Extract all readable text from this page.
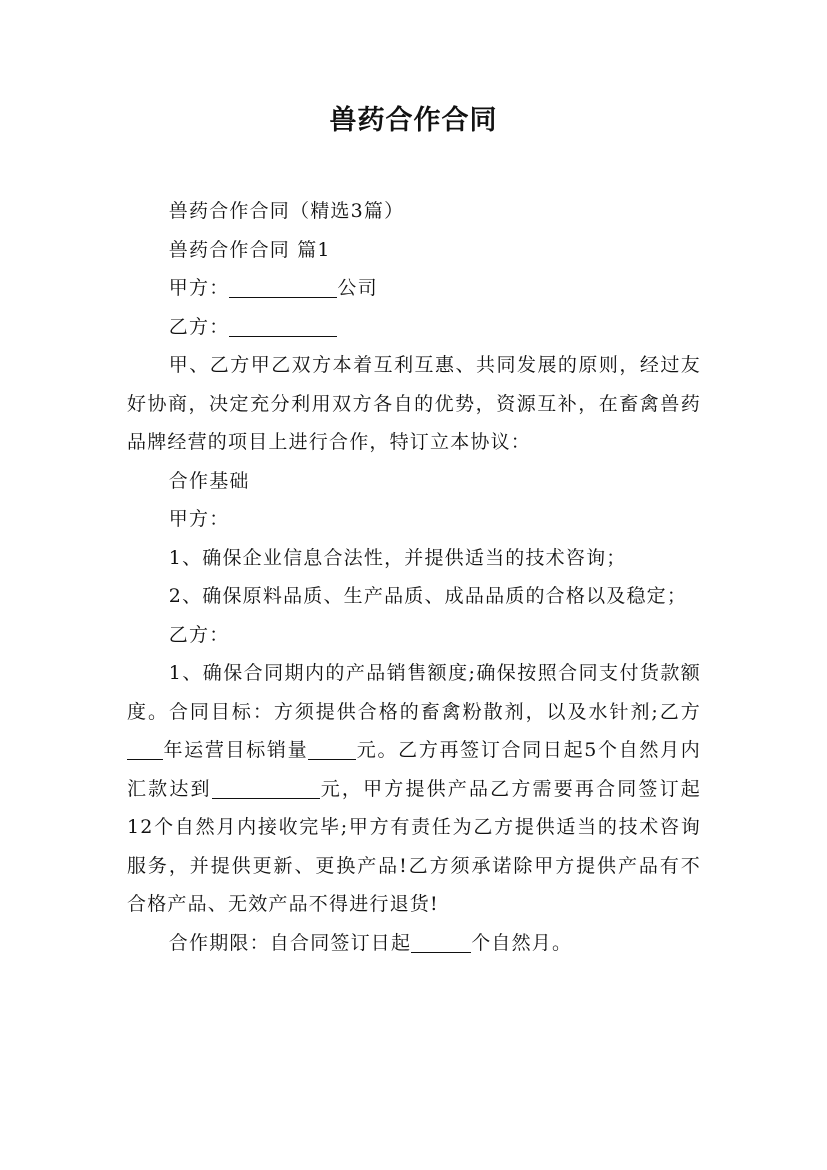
兽药合作合同

兽药合作合同（精选3篇）

兽药合作合同 篇1

甲方：	公司

乙方：

甲、乙方甲乙双方本着互利互惠、共同发展的原则，经过友好协商，决定充分利用双方各自的优势，资源互补，在畜禽兽药品牌经营的项目上进行合作，特订立本协议：

合作基础

甲方：

1、确保企业信息合法性，并提供适当的技术咨询；

2、确保原料品质、生产品质、成品品质的合格以及稳定；

乙方：

1、确保合同期内的产品销售额度;确保按照合同支付货款额度。合同目标：方须提供合格的畜禽粉散剂，以及水针剂;乙方年运营目标销量	元。乙方再签订合同日起5个自然月内汇款达到	元，甲方提供产品乙方需要再合同签订起12个自然月内接收完毕;甲方有责任为乙方提供适当的技术咨询服务，并提供更新、更换产品!乙方须承诺除甲方提供产品有不合格产品、无效产品不得进行退货!

合作期限：自合同签订日起	个自然月。
